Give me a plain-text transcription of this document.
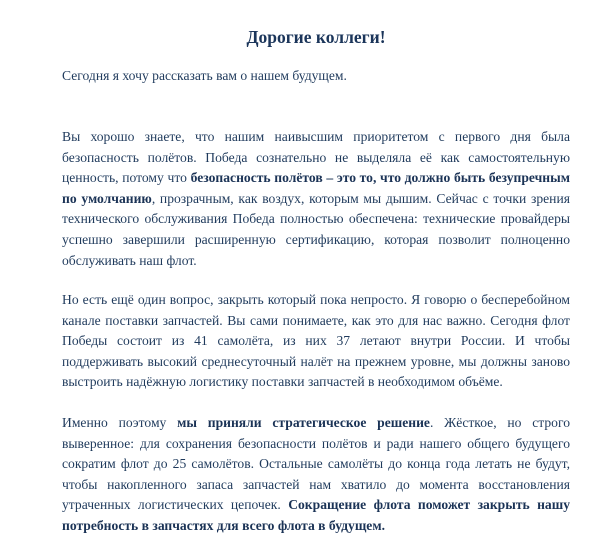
Дорогие коллеги!

Сегодня я хочу рассказать вам о нашем будущем.

Вы хорошо знаете, что нашим наивысшим приоритетом с первого дня была безопасность полётов. Победа сознательно не выделяла её как самостоятельную ценность, потому что безопасность полётов – это то, что должно быть безупречным по умолчанию, прозрачным, как воздух, которым мы дышим. Сейчас с точки зрения технического обслуживания Победа полностью обеспечена: технические провайдеры успешно завершили расширенную сертификацию, которая позволит полноценно обслуживать наш флот.

Но есть ещё один вопрос, закрыть который пока непросто. Я говорю о бесперебойном канале поставки запчастей. Вы сами понимаете, как это для нас важно. Сегодня флот Победы состоит из 41 самолёта, из них 37 летают внутри России. И чтобы поддерживать высокий среднесуточный налёт на прежнем уровне, мы должны заново выстроить надёжную логистику поставки запчастей в необходимом объёме.

Именно поэтому мы приняли стратегическое решение. Жёсткое, но строго выверенное: для сохранения безопасности полётов и ради нашего общего будущего сократим флот до 25 самолётов. Остальные самолёты до конца года летать не будут, чтобы накопленного запаса запчастей нам хватило до момента восстановления утраченных логистических цепочек. Сокращение флота поможет закрыть нашу потребность в запчастях для всего флота в будущем.
